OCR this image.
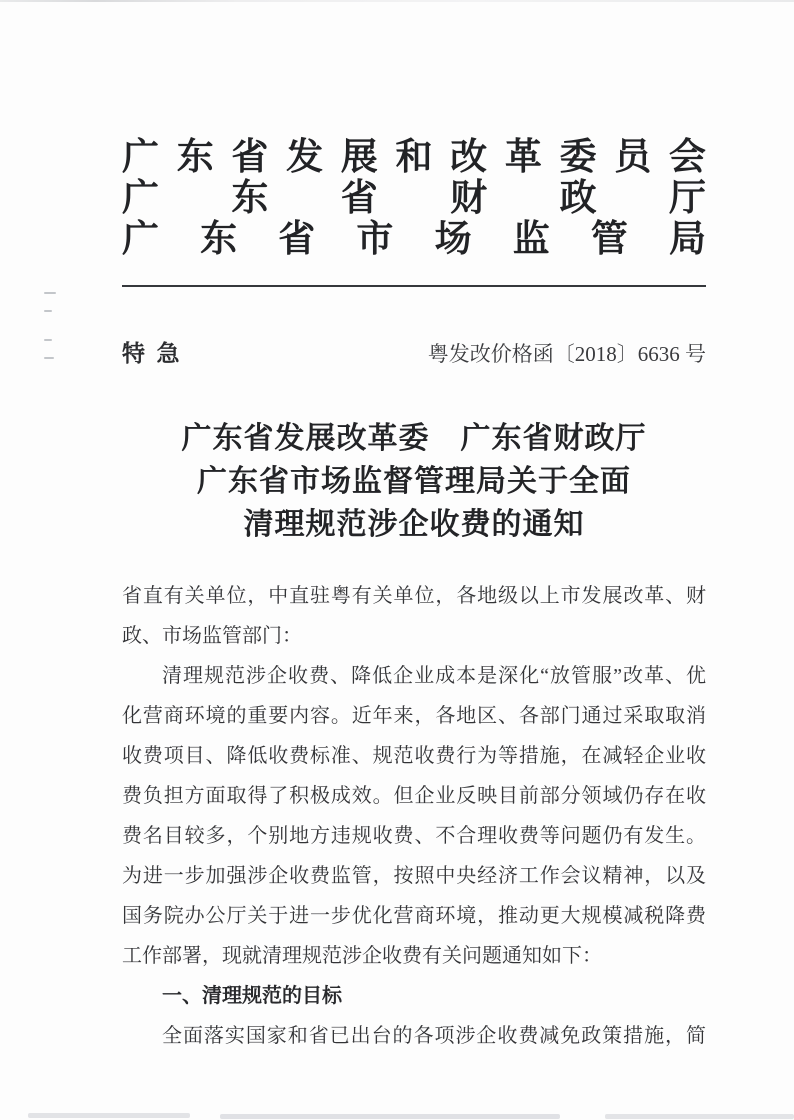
广 东 省 发 展 和 改 革 委 员 会
广 东 省 财 政 厅
广 东 省 市 场 监 管 局
特 急	粤发改价格函〔2018〕6636 号
广东省发展改革委　广东省财政厅
广东省市场监督管理局关于全面
清理规范涉企收费的通知
省直有关单位，中直驻粤有关单位，各地级以上市发展改革、财
政、市场监管部门：
清理规范涉企收费、降低企业成本是深化“放管服”改革、优
化营商环境的重要内容。近年来，各地区、各部门通过采取取消
收费项目、降低收费标准、规范收费行为等措施，在减轻企业收
费负担方面取得了积极成效。但企业反映目前部分领域仍存在收
费名目较多，个别地方违规收费、不合理收费等问题仍有发生。
为进一步加强涉企收费监管，按照中央经济工作会议精神，以及
国务院办公厅关于进一步优化营商环境，推动更大规模减税降费
工作部署，现就清理规范涉企收费有关问题通知如下：
一、清理规范的目标
全面落实国家和省已出台的各项涉企收费减免政策措施，简
